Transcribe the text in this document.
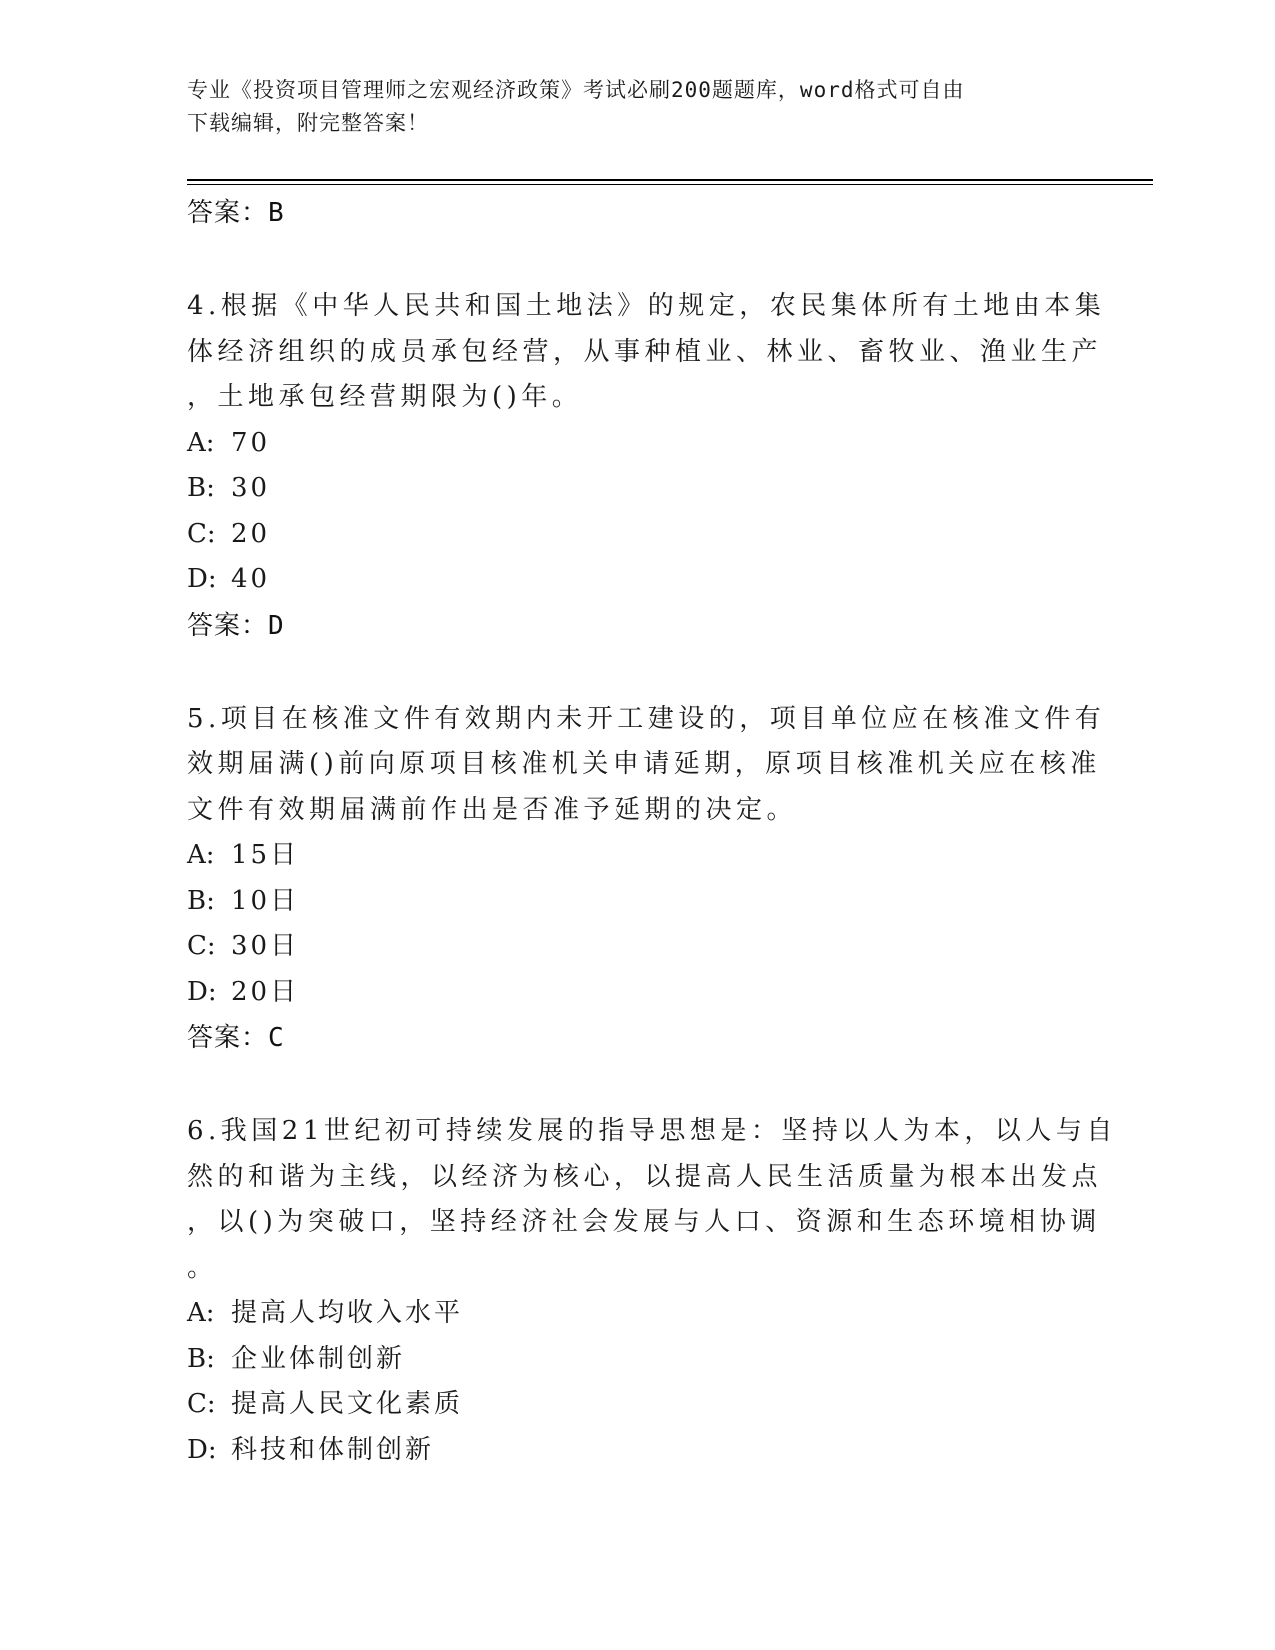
专业《投资项目管理师之宏观经济政策》考试必刷200题题库，word格式可自由
下载编辑，附完整答案！
答案：B
4.根据《中华人民共和国土地法》的规定，农民集体所有土地由本集
体经济组织的成员承包经营，从事种植业、林业、畜牧业、渔业生产
，土地承包经营期限为()年。
A: 70
B: 30
C: 20
D: 40
答案：D
5.项目在核准文件有效期内未开工建设的，项目单位应在核准文件有
效期届满()前向原项目核准机关申请延期，原项目核准机关应在核准
文件有效期届满前作出是否准予延期的决定。
A: 15日
B: 10日
C: 30日
D: 20日
答案：C
6.我国21世纪初可持续发展的指导思想是：坚持以人为本，以人与自
然的和谐为主线，以经济为核心，以提高人民生活质量为根本出发点
，以()为突破口，坚持经济社会发展与人口、资源和生态环境相协调
。
A: 提高人均收入水平
B: 企业体制创新
C: 提高人民文化素质
D: 科技和体制创新
